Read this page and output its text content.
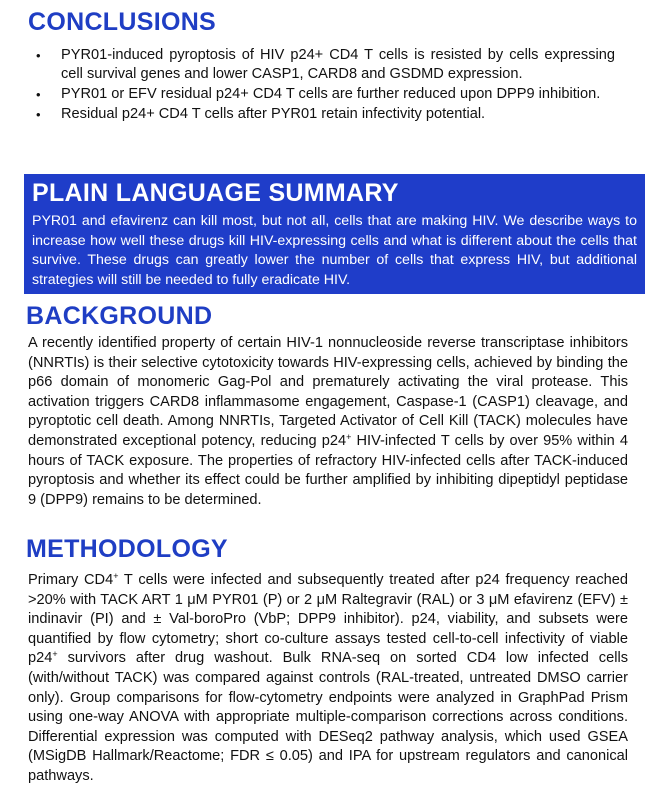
CONCLUSIONS
• PYR01-induced pyroptosis of HIV p24+ CD4 T cells is resisted by cells expressing cell survival genes and lower CASP1, CARD8 and GSDMD expression.
• PYR01 or EFV residual p24+ CD4 T cells are further reduced upon DPP9 inhibition.
• Residual p24+ CD4 T cells after PYR01 retain infectivity potential.
PLAIN LANGUAGE SUMMARY

PYR01 and efavirenz can kill most, but not all, cells that are making HIV. We describe ways to increase how well these drugs kill HIV-expressing cells and what is different about the cells that survive. These drugs can greatly lower the number of cells that express HIV, but additional strategies will still be needed to fully eradicate HIV.

BACKGROUND

A recently identified property of certain HIV-1 nonnucleoside reverse transcriptase inhibitors (NNRTIs) is their selective cytotoxicity towards HIV-expressing cells, achieved by binding the p66 domain of monomeric Gag-Pol and prematurely activating the viral protease. This activation triggers CARD8 inflammasome engagement, Caspase-1 (CASP1) cleavage, and pyroptotic cell death. Among NNRTIs, Targeted Activator of Cell Kill (TACK) molecules have demonstrated exceptional potency, reducing p24+ HIV-infected T cells by over 95% within 4 hours of TACK exposure. The properties of refractory HIV-infected cells after TACK-induced pyroptosis and whether its effect could be further amplified by inhibiting dipeptidyl peptidase 9 (DPP9) remains to be determined.

METHODOLOGY

Primary CD4+ T cells were infected and subsequently treated after p24 frequency reached >20% with TACK ART 1 μM PYR01 (P) or 2 μM Raltegravir (RAL) or 3 μM efavirenz (EFV) ± indinavir (PI) and ± Val-boroPro (VbP; DPP9 inhibitor). p24, viability, and subsets were quantified by flow cytometry; short co-culture assays tested cell-to-cell infectivity of viable p24+ survivors after drug washout. Bulk RNA-seq on sorted CD4 low infected cells (with/without TACK) was compared against controls (RAL-treated, untreated DMSO carrier only). Group comparisons for flow-cytometry endpoints were analyzed in GraphPad Prism using one-way ANOVA with appropriate multiple-comparison corrections across conditions. Differential expression was computed with DESeq2 pathway analysis, which used GSEA (MSigDB Hallmark/Reactome; FDR ≤ 0.05) and IPA for upstream regulators and canonical pathways.
